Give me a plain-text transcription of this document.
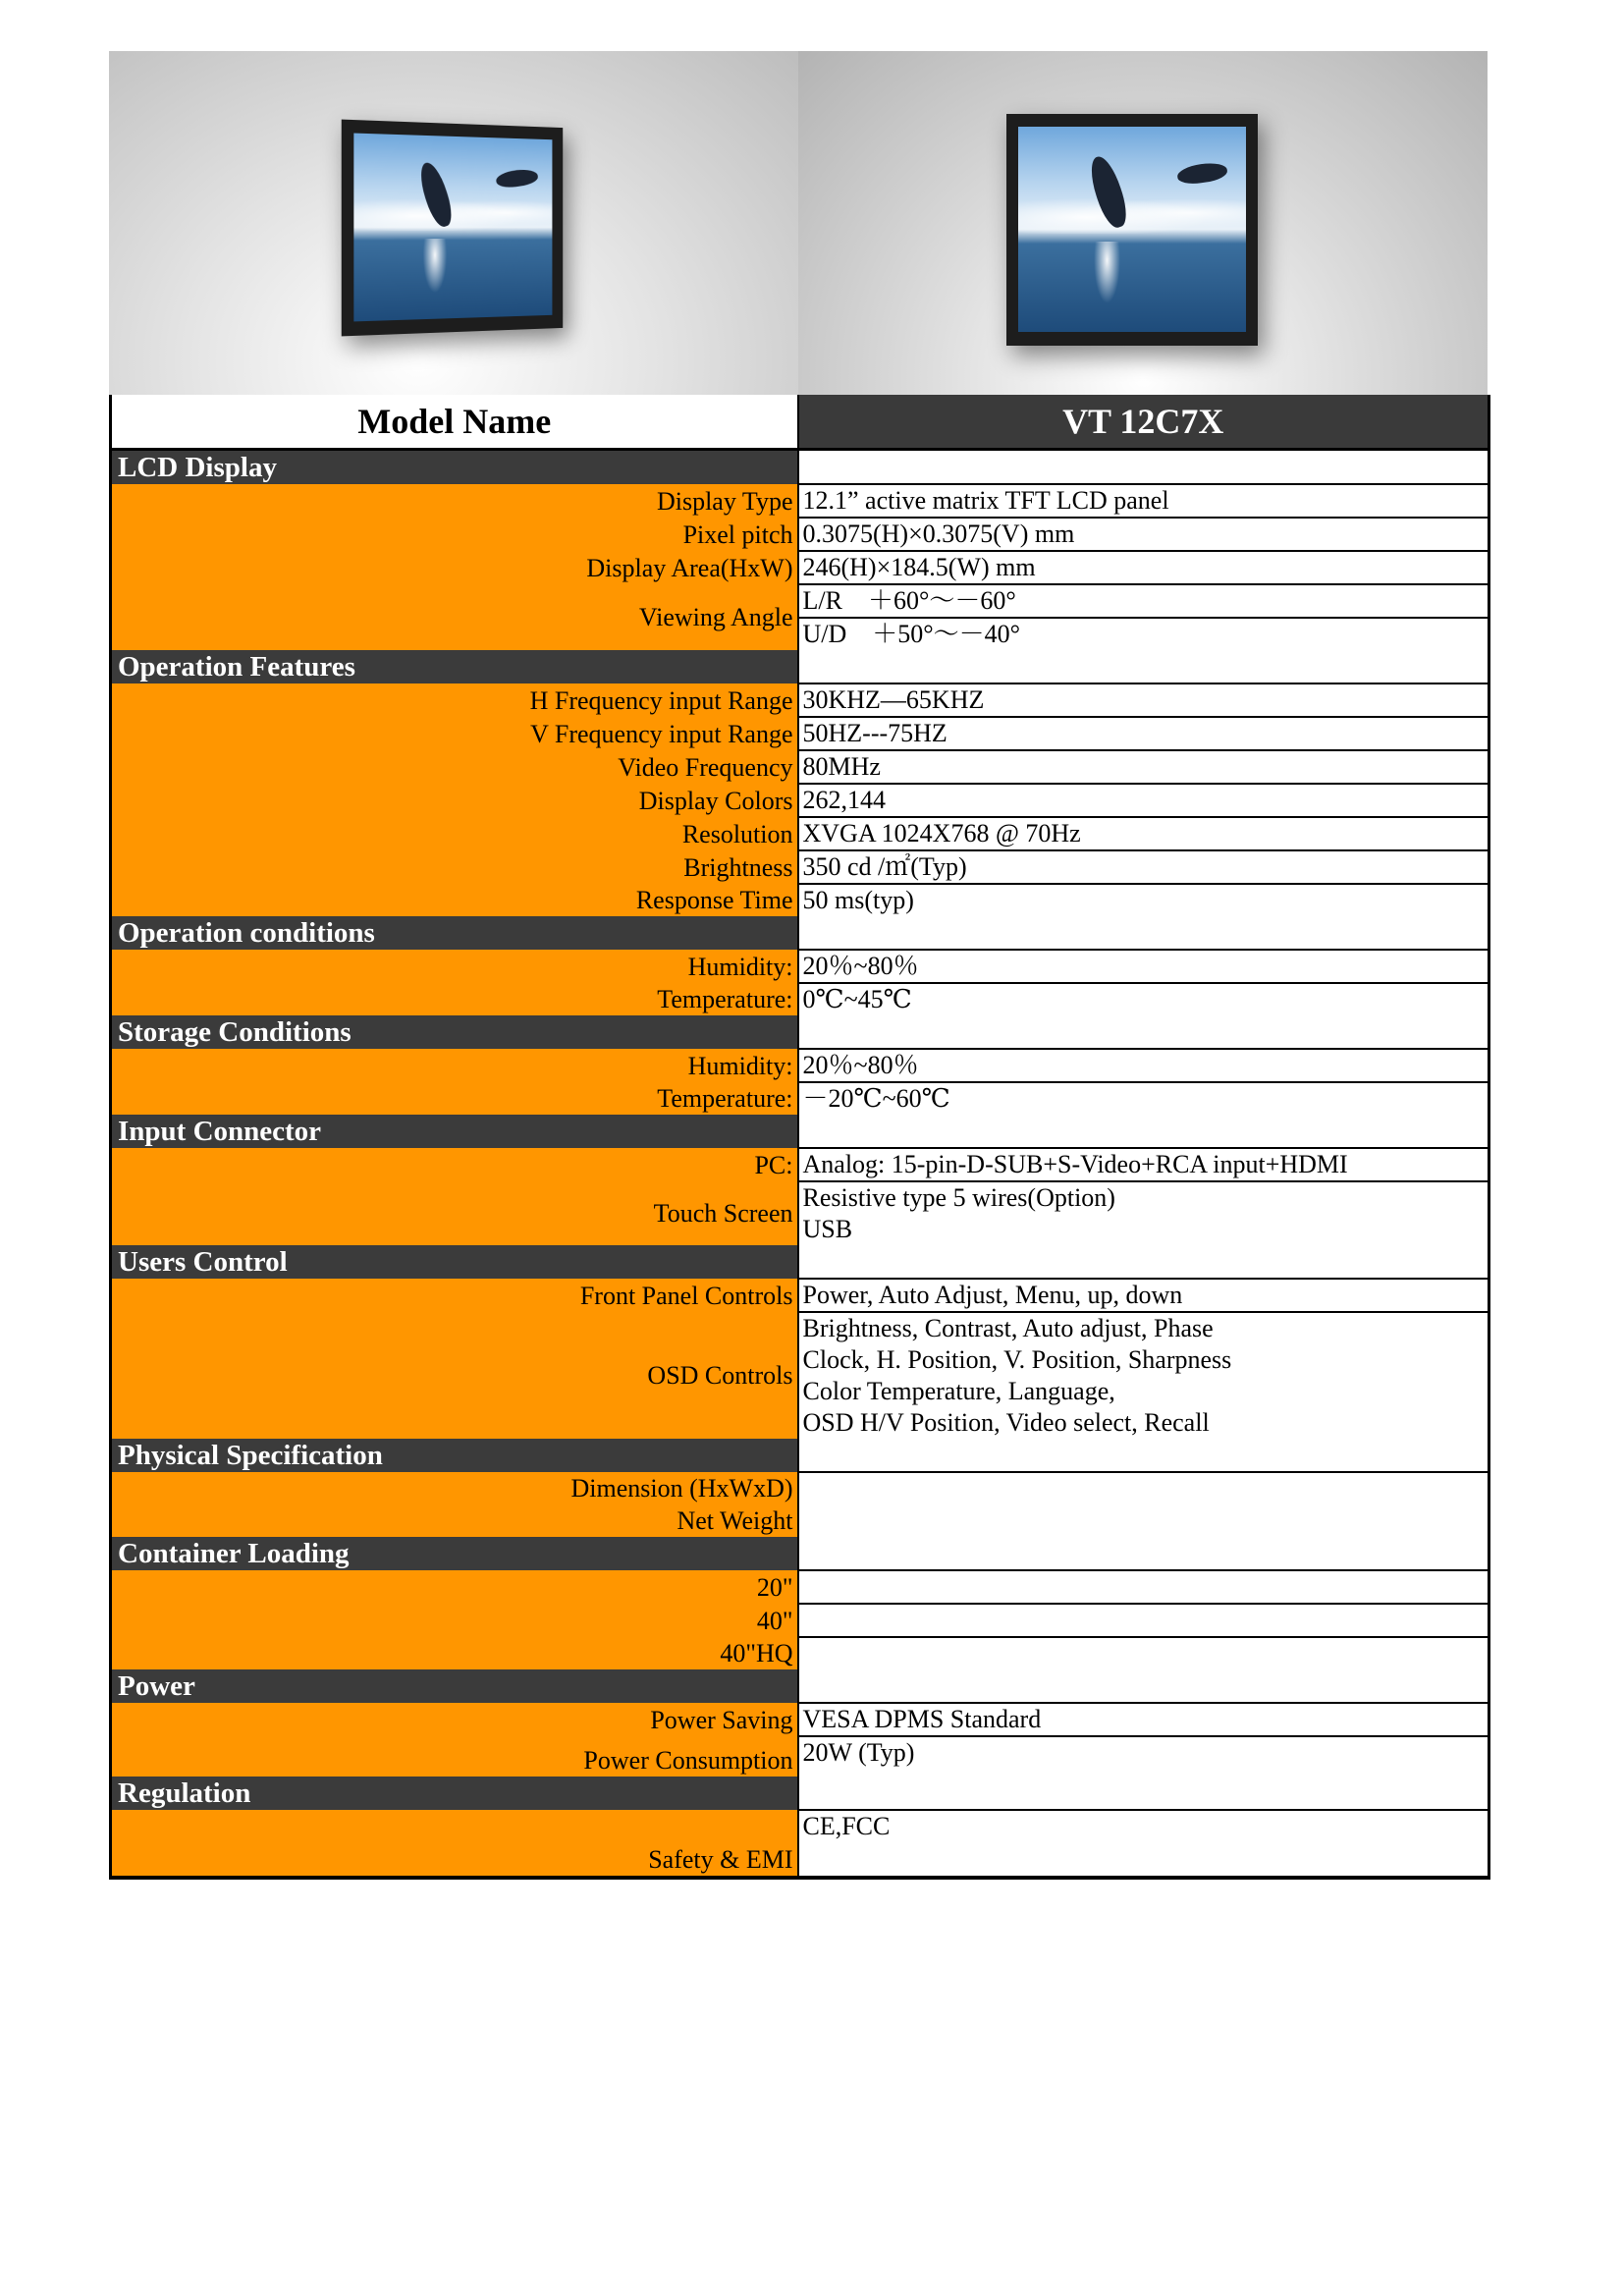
Model Name	VT 12C7X
LCD Display	
Display Type	12.1” active matrix TFT LCD panel

Pixel pitch	0.3075(H)×0.3075(V) mm

Display Area(HxW)	246(H)×184.5(W) mm

Viewing Angle	L/R　＋60°～－60°
U/D　＋50°～－40°

Operation Features	
H Frequency input Range	30KHZ—65KHZ

V Frequency input Range	50HZ---75HZ

Video Frequency	80MHz

Display Colors	262,144

Resolution	XVGA 1024X768 @ 70Hz

Brightness	350 cd /㎡(Typ)

Response Time	50 ms(typ)

Operation conditions	
Humidity:	20％~80％

Temperature:	0℃~45℃

Storage Conditions	
Humidity:	20％~80％

Temperature:	－20℃~60℃

Input Connector	
PC:	Analog: 15-pin-D-SUB+S-Video+RCA input+HDMI

Touch Screen	Resistive type 5 wires(Option)
USB

Users Control	
Front Panel Controls	Power, Auto Adjust, Menu, up, down

OSD Controls	Brightness, Contrast, Auto adjust, Phase
Clock, H. Position, V. Position, Sharpness
Color Temperature, Language,
OSD H/V Position, Video select, Recall

Physical Specification	
Dimension (HxWxD)	

Net Weight	
Container Loading	
20"	

40"	

40"HQ	

Power	
Power Saving	VESA DPMS Standard

Power Consumption	20W (Typ)

Regulation	
Safety & EMI	CE,FCC
